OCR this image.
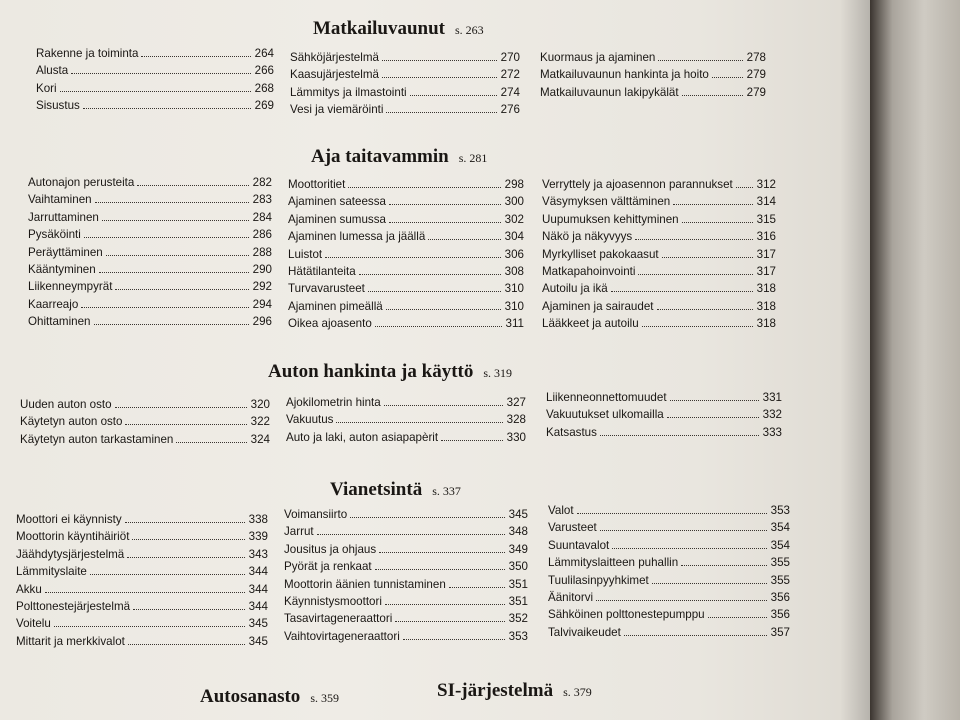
Matkailuvaunut s. 263
Rakenne ja toiminta	264
Alusta	266
Kori	268
Sisustus	269
Sähköjärjestelmä	270
Kaasujärjestelmä	272
Lämmitys ja ilmastointi	274
Vesi ja viemäröinti	276
Kuormaus ja ajaminen	278
Matkailuvaunun hankinta ja hoito	279
Matkailuvaunun lakipykälät	279
Aja taitavammin s. 281
Autonajon perusteita	282
Vaihtaminen	283
Jarruttaminen	284
Pysäköinti	286
Peräyttäminen	288
Kääntyminen	290
Liikenneympyrät	292
Kaarreajo	294
Ohittaminen	296
Moottoritiet	298
Ajaminen sateessa	300
Ajaminen sumussa	302
Ajaminen lumessa ja jäällä	304
Luistot	306
Hätätilanteita	308
Turvavarusteet	310
Ajaminen pimeällä	310
Oikea ajoasento	311
Verryttely ja ajoasennon parannukset	312
Väsymyksen välttäminen	314
Uupumuksen kehittyminen	315
Näkö ja näkyvyys	316
Myrkylliset pakokaasut	317
Matkapahoinvointi	317
Autoilu ja ikä	318
Ajaminen ja sairaudet	318
Lääkkeet ja autoilu	318
Auton hankinta ja käyttö s. 319
Uuden auton osto	320
Käytetyn auton osto	322
Käytetyn auton tarkastaminen	324
Ajokilometrin hinta	327
Vakuutus	328
Auto ja laki, auton asiapapèrit	330
Liikenneonnettomuudet	331
Vakuutukset ulkomailla	332
Katsastus	333
Vianetsintä s. 337
Moottori ei käynnisty	338
Moottorin käyntihäiriöt	339
Jäähdytysjärjestelmä	343
Lämmityslaite	344
Akku	344
Polttonestejärjestelmä	344
Voitelu	345
Mittarit ja merkkivalot	345
Voimansiirto	345
Jarrut	348
Jousitus ja ohjaus	349
Pyörät ja renkaat	350
Moottorin äänien tunnistaminen	351
Käynnistysmoottori	351
Tasavirtageneraattori	352
Vaihtovirtageneraattori	353
Valot	353
Varusteet	354
Suuntavalot	354
Lämmityslaitteen puhallin	355
Tuulilasinpyyhkimet	355
Äänitorvi	356
Sähköinen polttonestepumppu	356
Talvivaikeudet	357
Autosanasto s. 359	SI-järjestelmä s. 379
